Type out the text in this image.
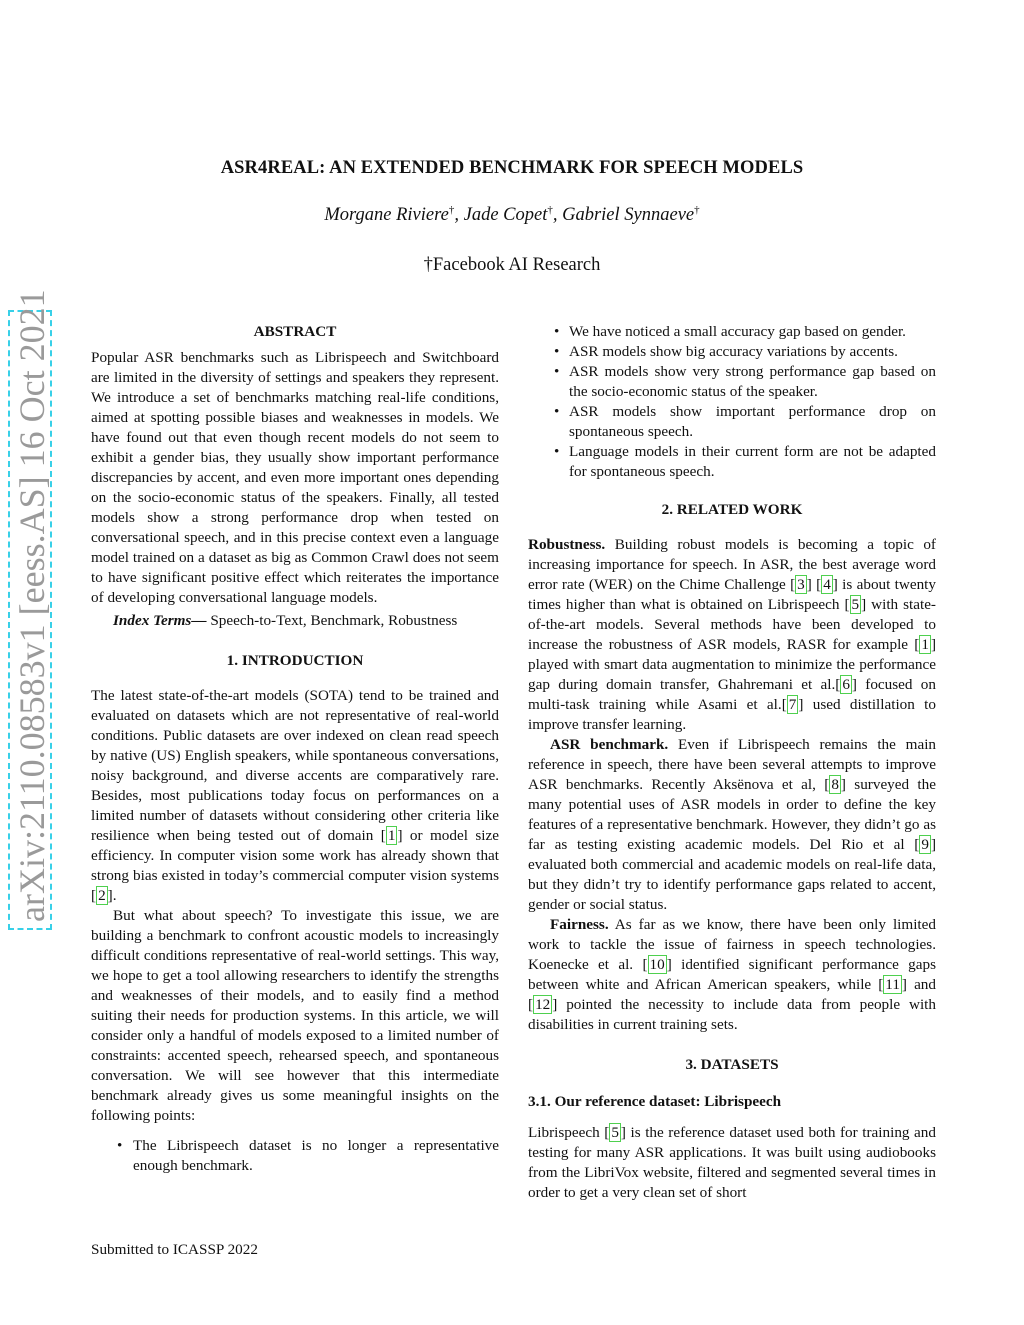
ASR4REAL: AN EXTENDED BENCHMARK FOR SPEECH MODELS
Morgane Riviere†, Jade Copet†, Gabriel Synnaeve†
†Facebook AI Research
arXiv:2110.08583v1 [eess.AS] 16 Oct 2021	ABSTRACT

Popular ASR benchmarks such as Librispeech and Switchboard are limited in the diversity of settings and speakers they represent. We introduce a set of benchmarks matching real-life conditions, aimed at spotting possible biases and weaknesses in models. We have found out that even though recent models do not seem to exhibit a gender bias, they usually show important performance discrepancies by accent, and even more important ones depending on the socio-economic status of the speakers. Finally, all tested models show a strong performance drop when tested on conversational speech, and in this precise context even a language model trained on a dataset as big as Common Crawl does not seem to have significant positive effect which reiterates the importance of developing conversational language models.

Index Terms— Speech-to-Text, Benchmark, Robustness

1. INTRODUCTION

The latest state-of-the-art models (SOTA) tend to be trained and evaluated on datasets which are not representative of real-world conditions. Public datasets are over indexed on clean read speech by native (US) English speakers, while spontaneous conversations, noisy background, and diverse accents are comparatively rare. Besides, most publications today focus on performances on a limited number of datasets without considering other criteria like resilience when being tested out of domain [ 1 ] or model size efficiency. In computer vision some work has already shown that strong bias existed in today’s commercial computer vision systems [ 2 ].

But what about speech? To investigate this issue, we are building a benchmark to confront acoustic models to increasingly difficult conditions representative of real-world settings. This way, we hope to get a tool allowing researchers to identify the strengths and weaknesses of their models, and to easily find a method suiting their needs for production systems. In this article, we will consider only a handful of models exposed to a limited number of constraints: accented speech, rehearsed speech, and spontaneous conversation. We will see however that this intermediate benchmark already gives us some meaningful insights on the following points:

• The Librispeech dataset is no longer a representative enough benchmark.
• We have noticed a small accuracy gap based on gender.
• ASR models show big accuracy variations by accents.
• ASR models show very strong performance gap based on the socio-economic status of the speaker.
• ASR models show important performance drop on spontaneous speech.
• Language models in their current form are not be adapted for spontaneous speech.
2. RELATED WORK

Robustness. Building robust models is becoming a topic of increasing importance for speech. In ASR, the best average word error rate (WER) on the Chime Challenge [ 3 ] [ 4 ] is about twenty times higher than what is obtained on Librispeech [ 5 ] with state-of-the-art models. Several methods have been developed to increase the robustness of ASR models, RASR for example [ 1 ] played with smart data augmentation to minimize the performance gap during domain transfer, Ghahremani et al.[ 6 ] focused on multi-task training while Asami et al.[ 7 ] used distillation to improve transfer learning.

ASR benchmark. Even if Librispeech remains the main reference in speech, there have been several attempts to improve ASR benchmarks. Recently Aksënova et al, [ 8 ] surveyed the many potential uses of ASR models in order to define the key features of a representative benchmark. However, they didn’t go as far as testing existing academic models. Del Rio et al [ 9 ] evaluated both commercial and academic models on real-life data, but they didn’t try to identify performance gaps related to accent, gender or social status.

Fairness. As far as we know, there have been only limited work to tackle the issue of fairness in speech technologies. Koenecke et al. [ 10 ] identified significant performance gaps between white and African American speakers, while [ 11 ] and [ 12 ] pointed the necessity to include data from people with disabilities in current training sets.

3. DATASETS
3.1. Our reference dataset: Librispeech

Librispeech [ 5 ] is the reference dataset used both for training and testing for many ASR applications. It was built using audiobooks from the LibriVox website, filtered and segmented several times in order to get a very clean set of short

Submitted to ICASSP 2022
